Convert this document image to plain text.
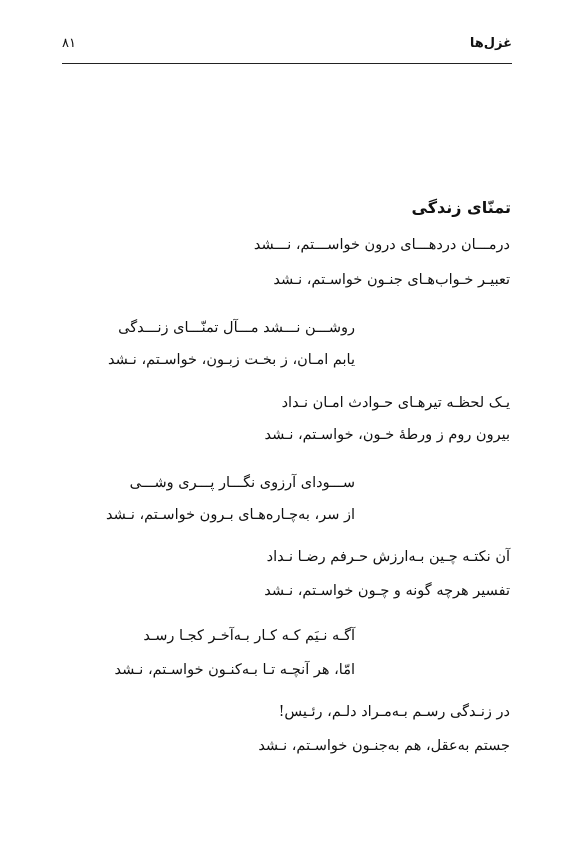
غزل‌ها
۸۱
تمنّای زندگی
درمـــان دردهـــای درون خواســـتم، نـــشد
تعبیـر خـواب‌هـای جنـون خواسـتم، نـشد
روشـــن نـــشد مـــآل تمنّـــای زنـــدگی
یابم امـان، ز بخـت زبـون، خواسـتم، نـشد
یـک لحظـه تیرهـای حـوادث امـان نـداد
بیرون روم ز ورطۀ خـون، خواسـتم، نـشد
ســـودای آرزوی نگـــار پـــری وشـــی
از سر، به‌چـاره‌هـای بـرون خواسـتم، نـشد
آن نکتـه چـین بـه‌ارزش حـرفم رضـا نـداد
تفسیر هرچه گونه و چـون خواسـتم، نـشد
آگـه نـیَم کـه کـار بـه‌آخـر کجـا رسـد
امّا، هر آنچـه تـا بـه‌کنـون خواسـتم، نـشد
در زنـدگی رسـم بـه‌مـراد دلـم، رئـیس!
جستم به‌عقل، هم به‌جنـون خواسـتم، نـشد
